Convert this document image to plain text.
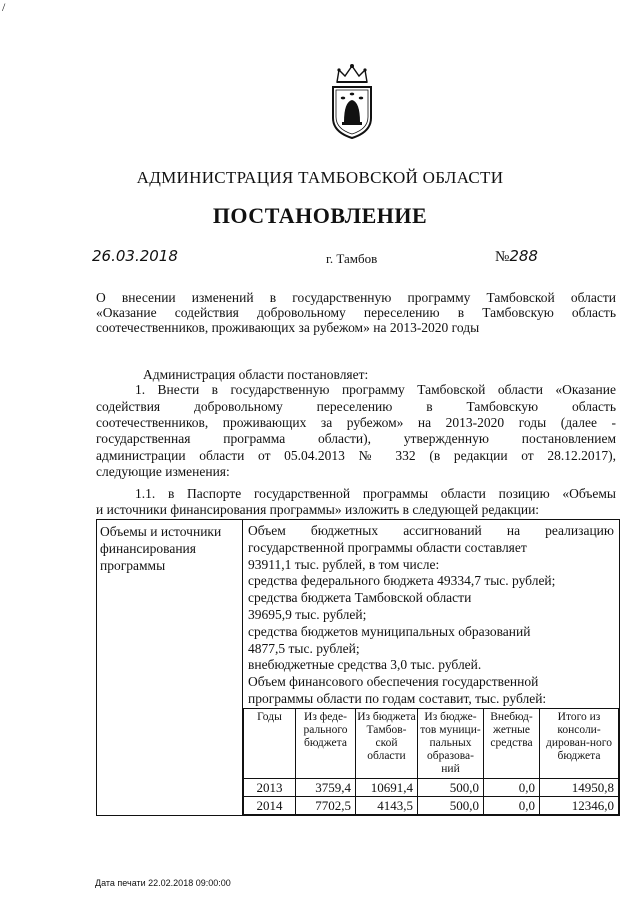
/
АДМИНИСТРАЦИЯ ТАМБОВСКОЙ ОБЛАСТИ
ПОСТАНОВЛЕНИЕ
26.03.2018	г. Тамбов	№288
О внесении изменений в государственную программу Тамбовской области
«Оказание содействия добровольному переселению в Тамбовскую область
соотечественников, проживающих за рубежом» на 2013-2020 годы
Администрация области постановляет:
1. Внести в государственную программу Тамбовской области «Оказание
содействия добровольному переселению в Тамбовскую область
соотечественников, проживающих за рубежом» на 2013-2020 годы (далее -
государственная программа области), утвержденную постановлением
администрации области от 05.04.2013 № 332 (в редакции от 28.12.2017),
следующие изменения:
1.1. в Паспорте государственной программы области позицию «Объемы
и источники финансирования программы» изложить в следующей редакции:
Объемы и источники финансирования программы	
Объем бюджетных ассигнований на реализацию
государственной программы области составляет
93911,1 тыс. рублей, в том числе:
средства федерального бюджета 49334,7 тыс. рублей;
средства бюджета Тамбовской области
39695,9 тыс. рублей;
средства бюджетов муниципальных образований
4877,5 тыс. рублей;
внебюджетные средства 3,0 тыс. рублей.
Объем финансового обеспечения государственной
программы области по годам составит, тыс. рублей:
Годы	Из феде-рального бюджета	Из бюджета Тамбов-ской области	Из бюдже-тов муници-пальных образова-ний	Внебюд-жетные средства	Итого из консоли-дирован-ного бюджета
2013	3759,4	10691,4	500,0	0,0	14950,8
2014	7702,5	4143,5	500,0	0,0	12346,0
Дата печати 22.02.2018 09:00:00
